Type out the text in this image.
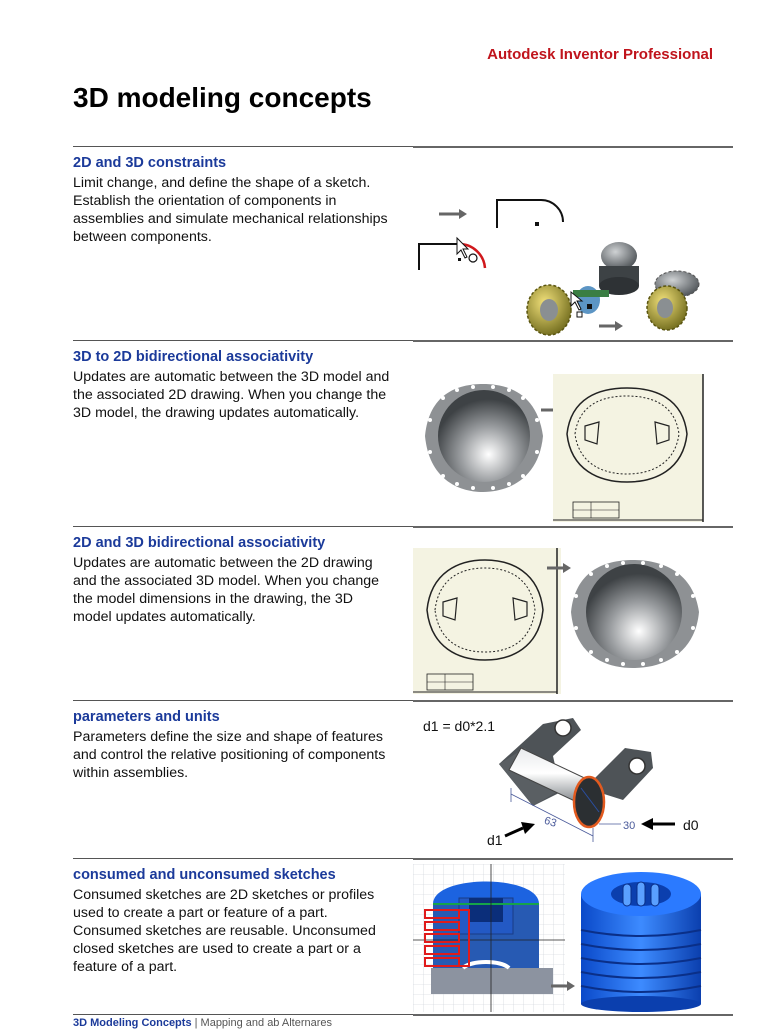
Autodesk Inventor Professional
3D modeling concepts
2D and 3D constraints

Limit change, and define the shape of a sketch. Establish the orientation of components in assemblies and simulate mechanical relationships between components.

3D to 2D bidirectional associativity

Updates are automatic between the 3D model and the associated 2D drawing. When you change the 3D model, the drawing updates automatically.

2D and 3D bidirectional associativity

Updates are automatic between the 2D drawing and the associated 3D model. When you change the model dimensions in the drawing, the 3D model updates automatically.

parameters and units

Parameters define the size and shape of features and control the relative positioning of components within assemblies.

d1 = d0*2.1
63	30	d0
d1
consumed and unconsumed sketches

Consumed sketches are 2D sketches or profiles used to create a part or feature of a part. Consumed sketches are reusable. Unconsumed closed sketches are used to create a part or a feature of a part.

3D Modeling Concepts | Mapping and ab Alternares
